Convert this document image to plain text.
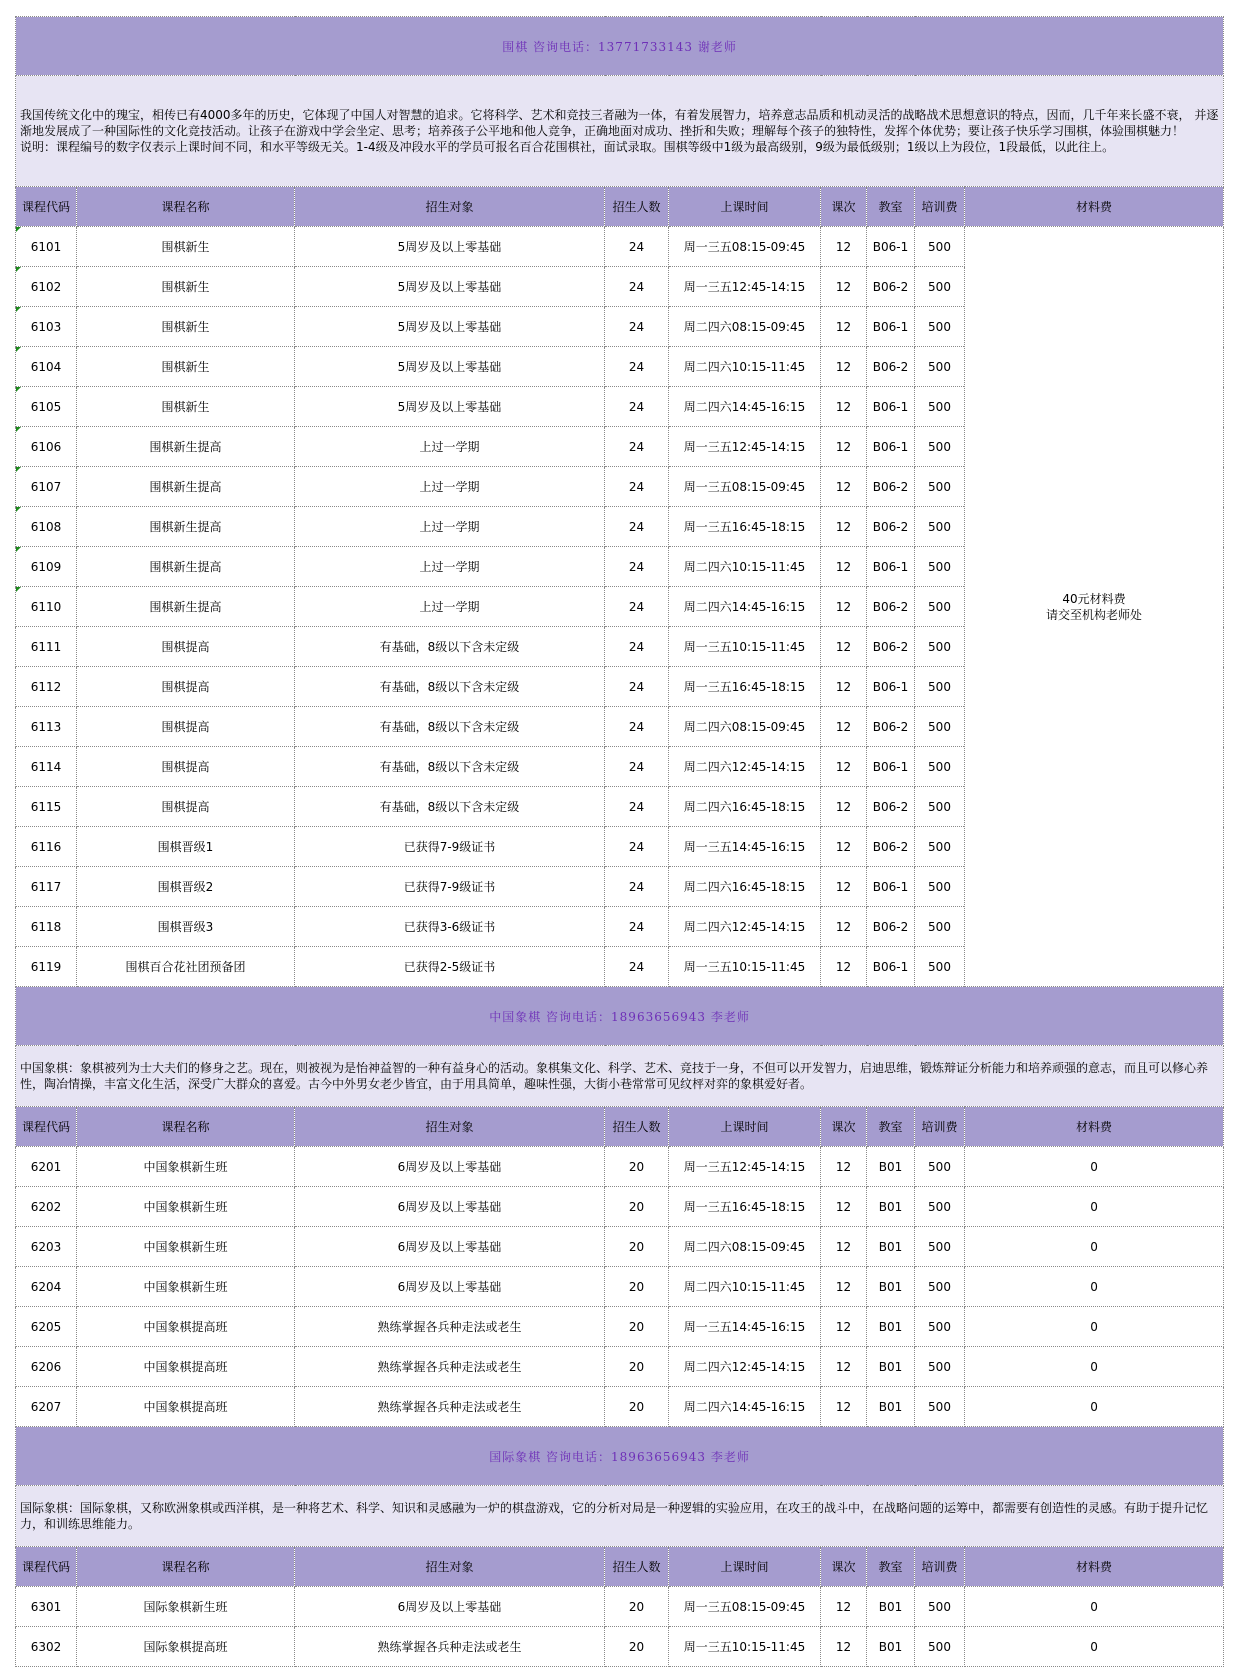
围棋 咨询电话：13771733143 谢老师								

我国传统文化中的瑰宝，相传已有4000多年的历史，它体现了中国人对智慧的追求。它将科学、艺术和竞技三者融为一体，有着发展智力，培养意志品质和机动灵活的战略战术思想意识的特点，因而，几千年来长盛不衰， 并逐渐地发展成了一种国际性的文化竞技活动。让孩子在游戏中学会坐定、思考；培养孩子公平地和他人竞争，正确地面对成功、挫折和失败；理解每个孩子的独特性，发挥个体优势；要让孩子快乐学习围棋，体验围棋魅力！
说明：课程编号的数字仅表示上课时间不同，和水平等级无关。1-4级及冲段水平的学员可报名百合花围棋社，面试录取。围棋等级中1级为最高级别，9级为最低级别；1级以上为段位，1段最低，以此往上。								

课程代码	课程名称	招生对象	招生人数	上课时间	课次	教室	培训费	材料费
6101	围棋新生	5周岁及以上零基础	24	周一三五08:15-09:45	12	B06-1	500	40元材料费
请交至机构老师处

6102	围棋新生	5周岁及以上零基础	24	周一三五12:45-14:15	12	B06-2	500	
6103	围棋新生	5周岁及以上零基础	24	周二四六08:15-09:45	12	B06-1	500	
6104	围棋新生	5周岁及以上零基础	24	周二四六10:15-11:45	12	B06-2	500	
6105	围棋新生	5周岁及以上零基础	24	周二四六14:45-16:15	12	B06-1	500	
6106	围棋新生提高	上过一学期	24	周一三五12:45-14:15	12	B06-1	500	
6107	围棋新生提高	上过一学期	24	周一三五08:15-09:45	12	B06-2	500	
6108	围棋新生提高	上过一学期	24	周一三五16:45-18:15	12	B06-2	500	
6109	围棋新生提高	上过一学期	24	周二四六10:15-11:45	12	B06-1	500	
6110	围棋新生提高	上过一学期	24	周二四六14:45-16:15	12	B06-2	500	
6111	围棋提高	有基础，8级以下含未定级	24	周一三五10:15-11:45	12	B06-2	500	
6112	围棋提高	有基础，8级以下含未定级	24	周一三五16:45-18:15	12	B06-1	500	
6113	围棋提高	有基础，8级以下含未定级	24	周二四六08:15-09:45	12	B06-2	500	
6114	围棋提高	有基础，8级以下含未定级	24	周二四六12:45-14:15	12	B06-1	500	
6115	围棋提高	有基础，8级以下含未定级	24	周二四六16:45-18:15	12	B06-2	500	
6116	围棋晋级1	已获得7-9级证书	24	周一三五14:45-16:15	12	B06-2	500	
6117	围棋晋级2	已获得7-9级证书	24	周二四六16:45-18:15	12	B06-1	500	
6118	围棋晋级3	已获得3-6级证书	24	周二四六12:45-14:15	12	B06-2	500	
6119	围棋百合花社团预备团	已获得2-5级证书	24	周一三五10:15-11:45	12	B06-1	500	
中国象棋 咨询电话：18963656943 李老师								

中国象棋：象棋被列为士大夫们的修身之艺。现在，则被视为是怡神益智的一种有益身心的活动。象棋集文化、科学、艺术、竞技于一身，不但可以开发智力，启迪思维，锻炼辩证分析能力和培养顽强的意志，而且可以修心养性，陶冶情操，丰富文化生活，深受广大群众的喜爱。古今中外男女老少皆宜，由于用具简单，趣味性强，大街小巷常常可见纹枰对弈的象棋爱好者。								

课程代码	课程名称	招生对象	招生人数	上课时间	课次	教室	培训费	材料费
6201	中国象棋新生班	6周岁及以上零基础	20	周一三五12:45-14:15	12	B01	500	0
6202	中国象棋新生班	6周岁及以上零基础	20	周一三五16:45-18:15	12	B01	500	0
6203	中国象棋新生班	6周岁及以上零基础	20	周二四六08:15-09:45	12	B01	500	0
6204	中国象棋新生班	6周岁及以上零基础	20	周二四六10:15-11:45	12	B01	500	0
6205	中国象棋提高班	熟练掌握各兵种走法或老生	20	周一三五14:45-16:15	12	B01	500	0
6206	中国象棋提高班	熟练掌握各兵种走法或老生	20	周二四六12:45-14:15	12	B01	500	0
6207	中国象棋提高班	熟练掌握各兵种走法或老生	20	周二四六14:45-16:15	12	B01	500	0
国际象棋 咨询电话：18963656943 李老师								

国际象棋：国际象棋，又称欧洲象棋或西洋棋，是一种将艺术、科学、知识和灵感融为一炉的棋盘游戏，它的分析对局是一种逻辑的实验应用，在攻王的战斗中，在战略问题的运筹中，都需要有创造性的灵感。有助于提升记忆力，和训练思维能力。								

课程代码	课程名称	招生对象	招生人数	上课时间	课次	教室	培训费	材料费
6301	国际象棋新生班	6周岁及以上零基础	20	周一三五08:15-09:45	12	B01	500	0
6302	国际象棋提高班	熟练掌握各兵种走法或老生	20	周一三五10:15-11:45	12	B01	500	0
